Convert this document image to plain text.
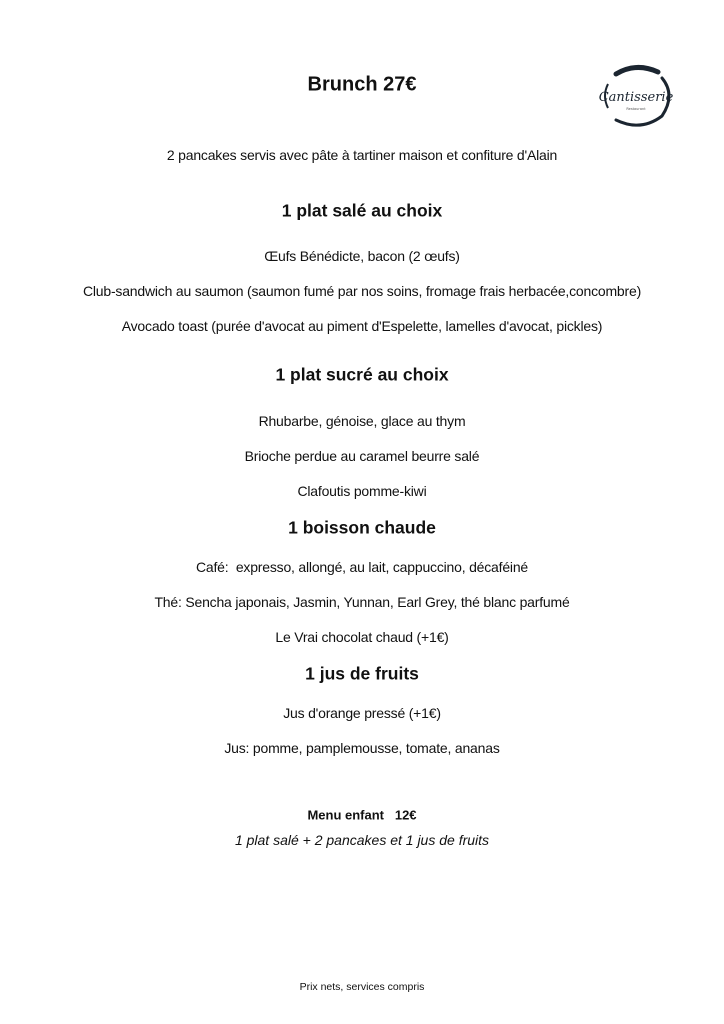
Brunch 27€
Cantisserie
Restaurant
2 pancakes servis avec pâte à tartiner maison et confiture d'Alain
1 plat salé au choix
Œufs Bénédicte, bacon (2 œufs)
Club-sandwich au saumon (saumon fumé par nos soins, fromage frais herbacée,concombre)
Avocado toast (purée d'avocat au piment d'Espelette, lamelles d'avocat, pickles)
1 plat sucré au choix
Rhubarbe, génoise, glace au thym
Brioche perdue au caramel beurre salé
Clafoutis pomme-kiwi
1 boisson chaude
Café:  expresso, allongé, au lait, cappuccino, décaféiné
Thé: Sencha japonais, Jasmin, Yunnan, Earl Grey, thé blanc parfumé
Le Vrai chocolat chaud (+1€)
1 jus de fruits
Jus d'orange pressé (+1€)
Jus: pomme, pamplemousse, tomate, ananas
Menu enfant   12€
1 plat salé + 2 pancakes et 1 jus de fruits
Prix nets, services compris
